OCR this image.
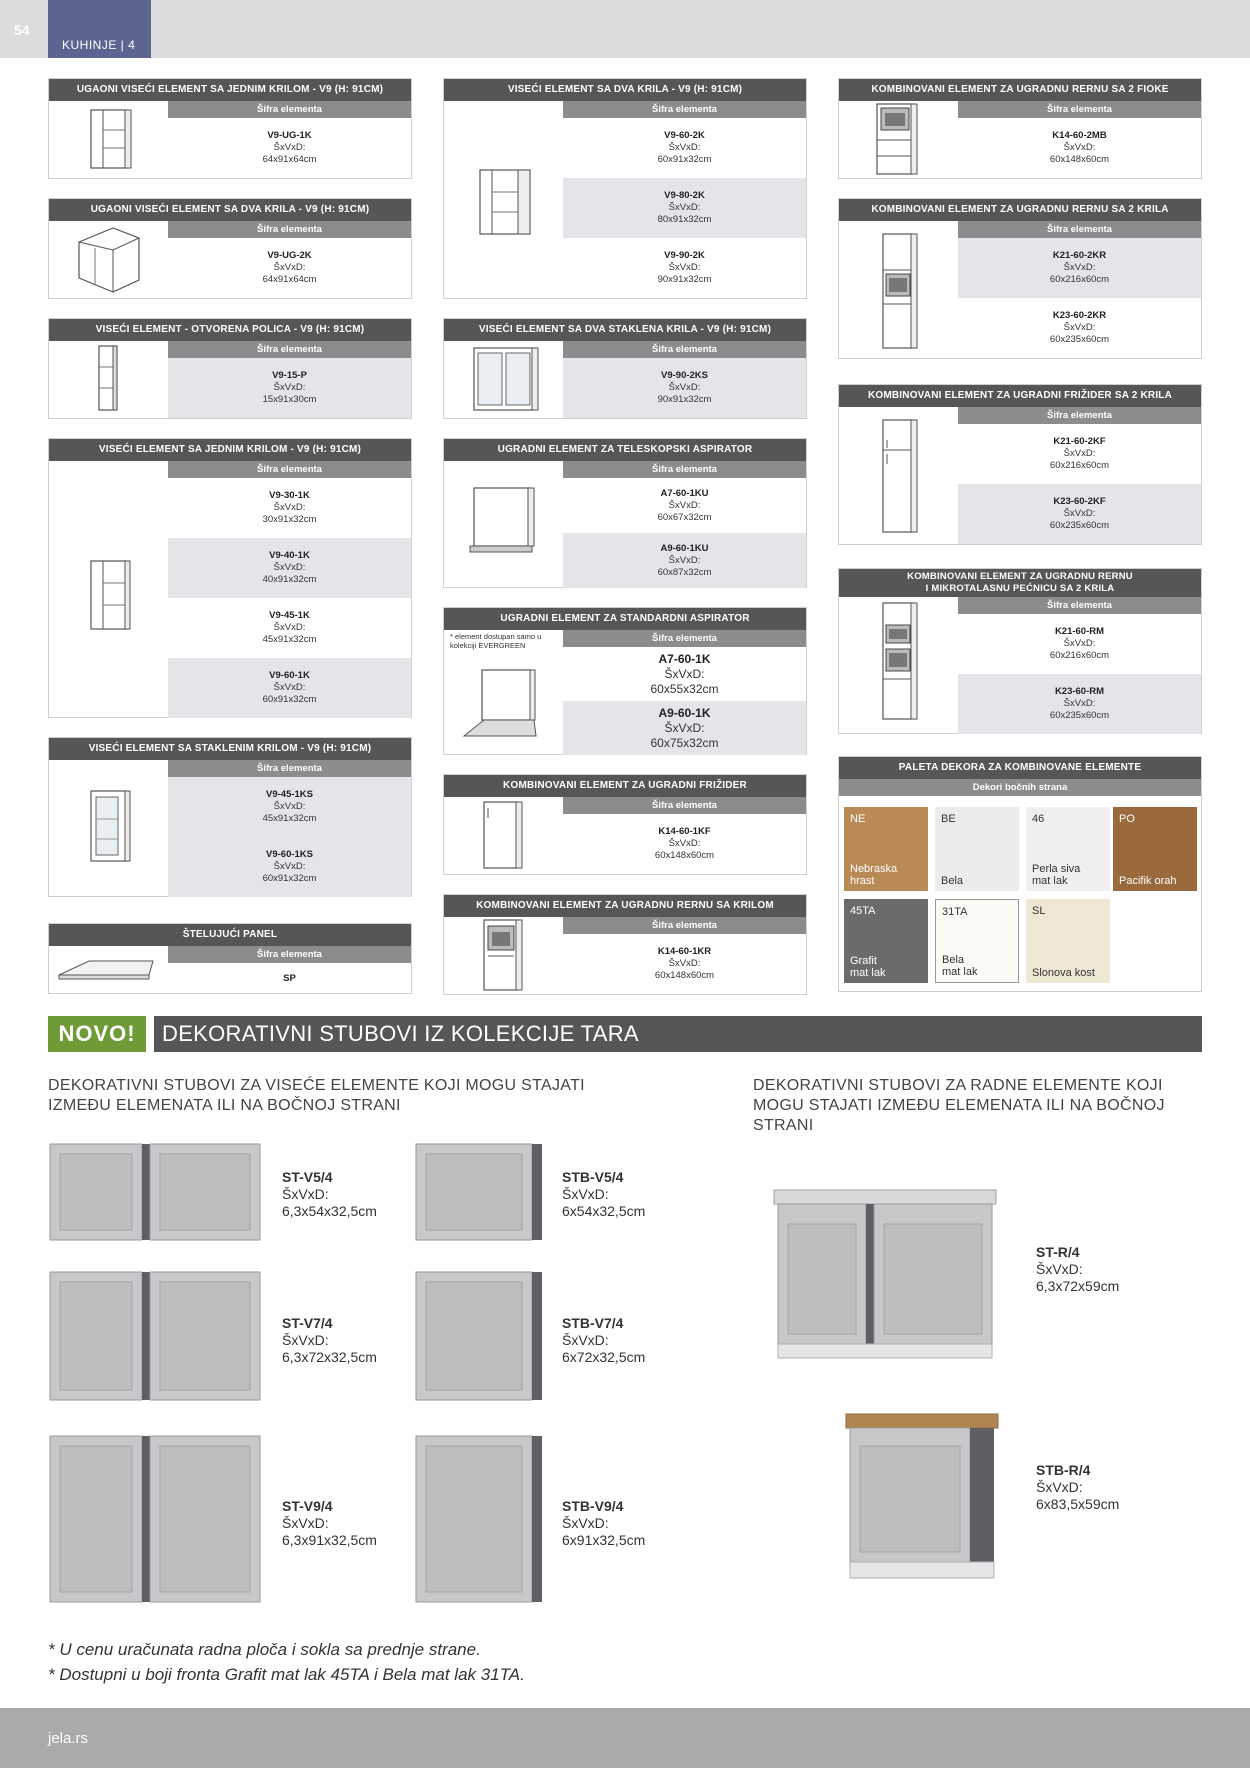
54
KUHINJE | 4
UGAONI VISEĆI ELEMENT SA JEDNIM KRILOM - V9 (H: 91CM)
Šifra elementa
V9-UG-1K
ŠxVxD:
64x91x64cm
UGAONI VISEĆI ELEMENT SA DVA KRILA - V9 (H: 91CM)
Šifra elementa
V9-UG-2K
ŠxVxD:
64x91x64cm
VISEĆI ELEMENT - OTVORENA POLICA - V9 (H: 91CM)
Šifra elementa
V9-15-P
ŠxVxD:
15x91x30cm
VISEĆI ELEMENT SA JEDNIM KRILOM - V9 (H: 91CM)
Šifra elementa
V9-30-1K
ŠxVxD:
30x91x32cm
V9-40-1K
ŠxVxD:
40x91x32cm
V9-45-1K
ŠxVxD:
45x91x32cm
V9-60-1K
ŠxVxD:
60x91x32cm
VISEĆI ELEMENT SA STAKLENIM KRILOM - V9 (H: 91CM)
Šifra elementa
V9-45-1KS
ŠxVxD:
45x91x32cm
V9-60-1KS
ŠxVxD:
60x91x32cm
ŠTELUJUĆI PANEL
Šifra elementa
SP
VISEĆI ELEMENT SA DVA KRILA - V9 (H: 91CM)
Šifra elementa
V9-60-2K
ŠxVxD:
60x91x32cm
V9-80-2K
ŠxVxD:
80x91x32cm
V9-90-2K
ŠxVxD:
90x91x32cm
VISEĆI ELEMENT SA DVA STAKLENA KRILA - V9 (H: 91CM)
Šifra elementa
V9-90-2KS
ŠxVxD:
90x91x32cm
UGRADNI ELEMENT ZA TELESKOPSKI ASPIRATOR
Šifra elementa
A7-60-1KU
ŠxVxD:
60x67x32cm
A9-60-1KU
ŠxVxD:
60x87x32cm
UGRADNI ELEMENT ZA STANDARDNI ASPIRATOR
Šifra elementa
* element dostupan samo u kolekciji EVERGREEN
A7-60-1K
ŠxVxD:
60x55x32cm
A9-60-1K
ŠxVxD:
60x75x32cm
KOMBINOVANI ELEMENT ZA UGRADNI FRIŽIDER
Šifra elementa
K14-60-1KF
ŠxVxD:
60x148x60cm
KOMBINOVANI ELEMENT ZA UGRADNU RERNU SA KRILOM
Šifra elementa
K14-60-1KR
ŠxVxD:
60x148x60cm
KOMBINOVANI ELEMENT ZA UGRADNU RERNU SA 2 FIOKE
Šifra elementa
K14-60-2MB
ŠxVxD:
60x148x60cm
KOMBINOVANI ELEMENT ZA UGRADNU RERNU SA 2 KRILA
Šifra elementa
K21-60-2KR
ŠxVxD:
60x216x60cm
K23-60-2KR
ŠxVxD:
60x235x60cm
KOMBINOVANI ELEMENT ZA UGRADNI FRIŽIDER SA 2 KRILA
Šifra elementa
K21-60-2KF
ŠxVxD:
60x216x60cm
K23-60-2KF
ŠxVxD:
60x235x60cm
KOMBINOVANI ELEMENT ZA UGRADNU RERNU
I MIKROTALASNU PEĆNICU SA 2 KRILA
Šifra elementa
K21-60-RM
ŠxVxD:
60x216x60cm
K23-60-RM
ŠxVxD:
60x235x60cm
PALETA DEKORA ZA KOMBINOVANE ELEMENTE
Dekori bočnih strana
NE
Nebraska
hrast
BE

Bela
46
Perla siva
mat lak
PO

Pacifik orah
45TA
Grafit
mat lak
31TA
Bela
mat lak
SL

Slonova kost
NOVO!	DEKORATIVNI STUBOVI IZ KOLEKCIJE TARA
DEKORATIVNI STUBOVI ZA VISEĆE ELEMENTE KOJI MOGU STAJATI
IZMEĐU ELEMENATA ILI NA BOČNOJ STRANI
DEKORATIVNI STUBOVI ZA RADNE ELEMENTE KOJI
MOGU STAJATI IZMEĐU ELEMENATA ILI NA BOČNOJ
STRANI
ST-V5/4
ŠxVxD:
6,3x54x32,5cm
STB-V5/4
ŠxVxD:
6x54x32,5cm
ST-V7/4
ŠxVxD:
6,3x72x32,5cm
STB-V7/4
ŠxVxD:
6x72x32,5cm
ST-V9/4
ŠxVxD:
6,3x91x32,5cm
STB-V9/4
ŠxVxD:
6x91x32,5cm
ST-R/4
ŠxVxD:
6,3x72x59cm
STB-R/4
ŠxVxD:
6x83,5x59cm
* U cenu uračunata radna ploča i sokla sa prednje strane.
* Dostupni u boji fronta Grafit mat lak 45TA i Bela mat lak 31TA.
jela.rs
